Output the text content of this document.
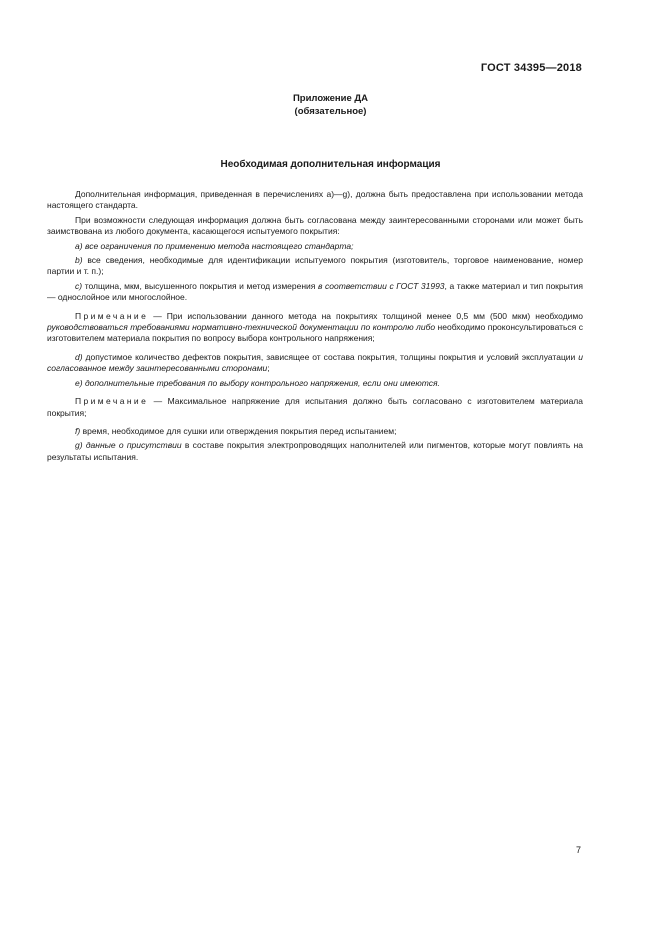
ГОСТ 34395—2018
Приложение ДА
(обязательное)
Необходимая дополнительная информация

Дополнительная информация, приведенная в перечислениях a)—g), должна быть предоставлена при использовании метода настоящего стандарта.

При возможности следующая информация должна быть согласована между заинтересованными сторонами или может быть заимствована из любого документа, касающегося испытуемого покрытия:

а) все ограничения по применению метода настоящего стандарта;

b) все сведения, необходимые для идентификации испытуемого покрытия (изготовитель, торговое наименование, номер партии и т. п.);

c) толщина, мкм, высушенного покрытия и метод измерения в соответствии с ГОСТ 31993, а также материал и тип покрытия — однослойное или многослойное.

Примечание — При использовании данного метода на покрытиях толщиной менее 0,5 мм (500 мкм) необходимо руководствоваться требованиями нормативно-технической документации по контролю либо необходимо проконсультироваться с изготовителем материала покрытия по вопросу выбора контрольного напряжения;

d) допустимое количество дефектов покрытия, зависящее от состава покрытия, толщины покрытия и условий эксплуатации и согласованное между заинтересованными сторонами;

e) дополнительные требования по выбору контрольного напряжения, если они имеются.

Примечание — Максимальное напряжение для испытания должно быть согласовано с изготовителем материала покрытия;

f) время, необходимое для сушки или отверждения покрытия перед испытанием;

g) данные о присутствии в составе покрытия электропроводящих наполнителей или пигментов, которые могут повлиять на результаты испытания.

7
